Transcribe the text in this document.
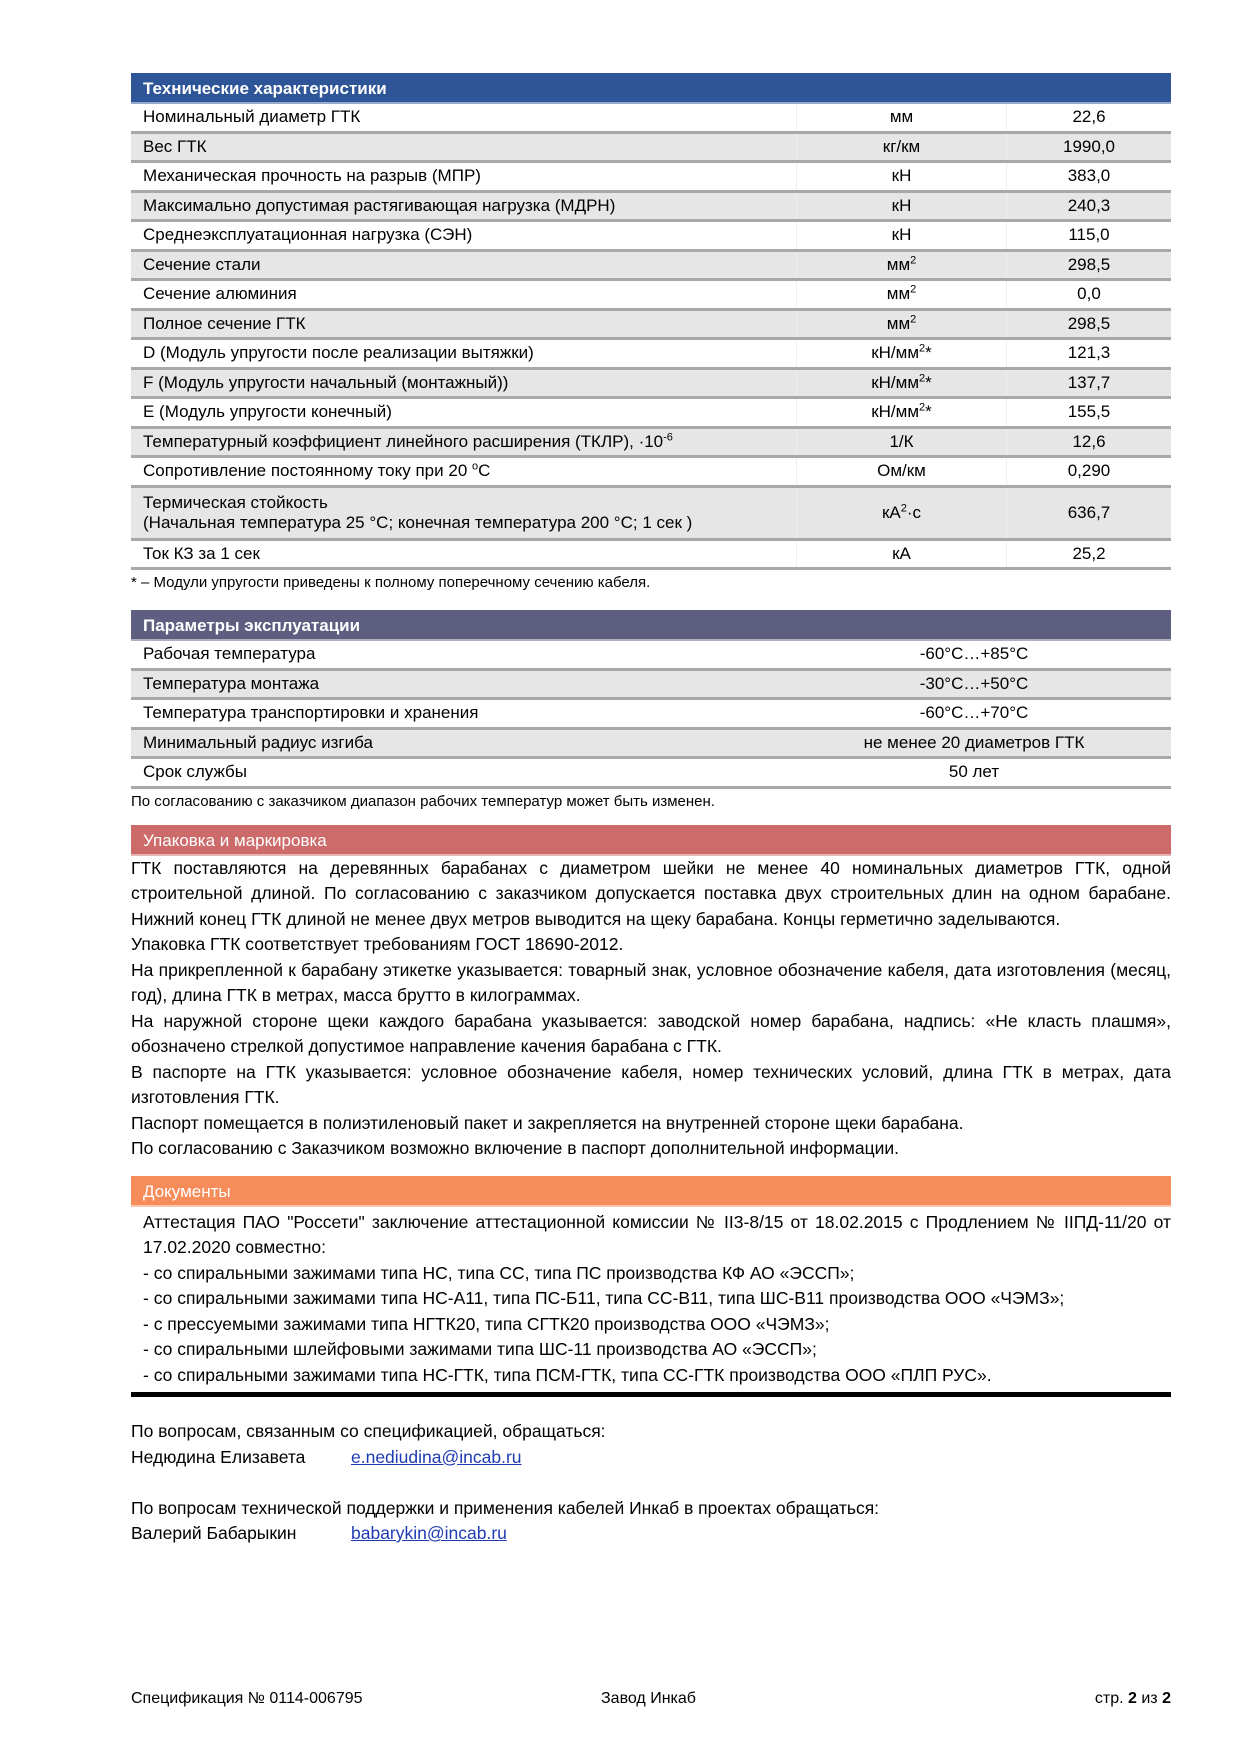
Технические характеристики
Номинальный диаметр ГТК	мм	22,6
Вес ГТК	кг/км	1990,0
Механическая прочность на разрыв (МПР)	кН	383,0
Максимально допустимая растягивающая нагрузка (МДРН)	кН	240,3
Среднеэксплуатационная нагрузка (СЭН)	кН	115,0
Сечение стали	$мм^2$	298,5
Сечение алюминия	$мм^2$	0,0
Полное сечение ГТК	$мм^2$	298,5
D (Модуль упругости после реализации вытяжки)	$кН/мм^2*$	121,3
F (Модуль упругости начальный (монтажный))	$кН/мм^2*$	137,7
E (Модуль упругости конечный)	$кН/мм^2*$	155,5
Температурный коэффициент линейного расширения (ТКЛР), $\cdot 10^{-6}$	1/К	12,6
Сопротивление постоянному току при 20 $^о$С	Ом/км	0,290
Термическая стойкость
(Начальная температура 25 °С; конечная температура 200 °С; 1 сек )	$кА^2\cdot с$	636,7
Ток КЗ за 1 сек	кА	25,2
* – Модули упругости приведены к полному поперечному сечению кабеля.
Параметры эксплуатации
Рабочая температура	-60°C…+85°C
Температура монтажа	-30°C…+50°C
Температура транспортировки и хранения	-60°C…+70°C
Минимальный радиус изгиба	не менее 20 диаметров ГТК
Срок службы	50 лет
По согласованию с заказчиком диапазон рабочих температур может быть изменен.
Упаковка и маркировка

ГТК поставляются на деревянных барабанах с диаметром шейки не менее 40 номинальных диаметров ГТК, одной строительной длиной. По согласованию с заказчиком допускается поставка двух строительных длин на одном барабане. Нижний конец ГТК длиной не менее двух метров выводится на щеку барабана. Концы герметично заделываются.

Упаковка ГТК соответствует требованиям ГОСТ 18690-2012.

На прикрепленной к барабану этикетке указывается: товарный знак, условное обозначение кабеля, дата изготовления (месяц, год), длина ГТК в метрах, масса брутто в килограммах.

На наружной стороне щеки каждого барабана указывается: заводской номер барабана, надпись: «Не класть плашмя», обозначено стрелкой допустимое направление качения барабана с ГТК.

В паспорте на ГТК указывается: условное обозначение кабеля, номер технических условий, длина ГТК в метрах, дата изготовления ГТК.

Паспорт помещается в полиэтиленовый пакет и закрепляется на внутренней стороне щеки барабана.

По согласованию с Заказчиком возможно включение в паспорт дополнительной информации.

Документы

Аттестация ПАО "Россети" заключение аттестационной комиссии № II3-8/15 от 18.02.2015 с Продлением № IIПД-11/20 от 17.02.2020 совместно:

- со спиральными зажимами типа НС, типа СС, типа ПС производства КФ АО «ЭССП»;

- со спиральными зажимами типа НС-А11, типа ПС-Б11, типа СС-В11, типа ШС-В11 производства ООО «ЧЭМЗ»;

- с прессуемыми зажимами типа НГТК20, типа СГТК20 производства ООО «ЧЭМЗ»;

- со спиральными шлейфовыми зажимами типа ШС-11 производства АО «ЭССП»;

- со спиральными зажимами типа НС-ГТК, типа ПСМ-ГТК, типа СС-ГТК производства ООО «ПЛП РУС».

По вопросам, связанным со спецификацией, обращаться:

Недюдина Елизавета	e.nediudina@incab.ru

По вопросам технической поддержки и применения кабелей Инкаб в проектах обращаться:

Валерий Бабарыкин	babarykin@incab.ru

Спецификация № 0114-006795	Завод Инкаб	стр. 2 из 2
